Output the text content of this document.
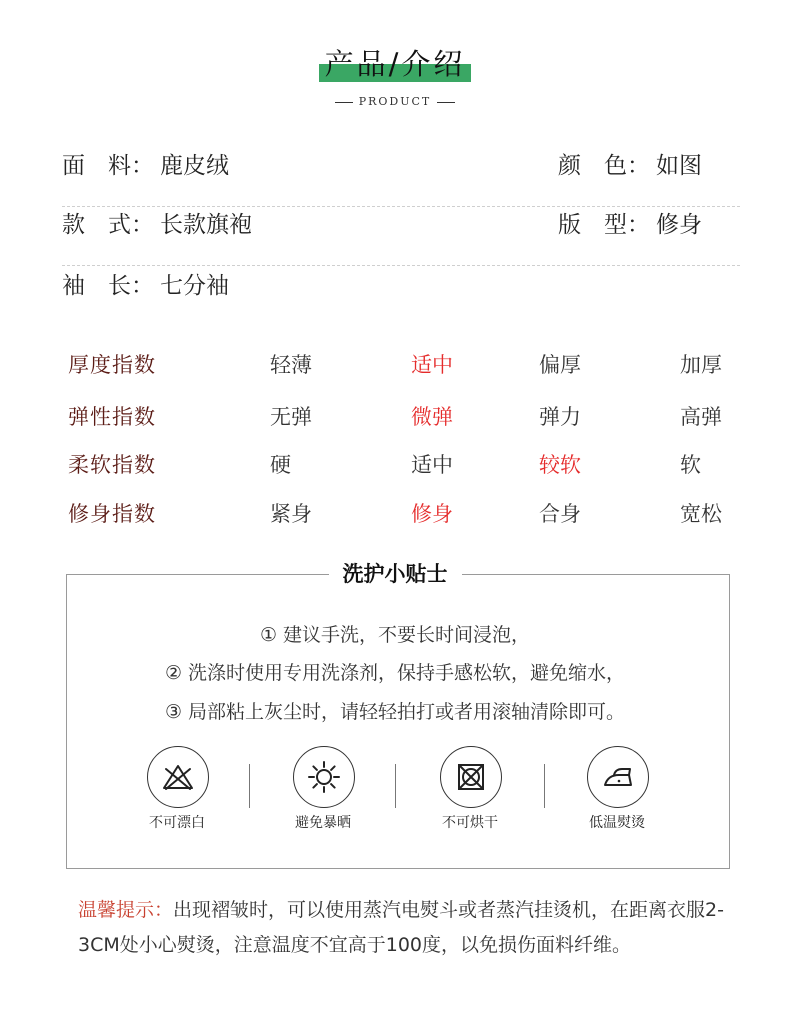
产品/介绍
PRODUCT
面　料： 鹿皮绒	颜　色： 如图
款　式： 长款旗袍	版　型： 修身
袖　长： 七分袖
厚度指数	轻薄	适中	偏厚	加厚
弹性指数	无弹	微弹	弹力	高弹
柔软指数	硬	适中	较软	软
修身指数	紧身	修身	合身	宽松
洗护小贴士
① 建议手洗，不要长时间浸泡，
② 洗涤时使用专用洗涤剂，保持手感松软，避免缩水，
③ 局部粘上灰尘时，请轻轻拍打或者用滚轴清除即可。
不可漂白	避免暴晒	不可烘干	低温熨烫
温馨提示：出现褶皱时，可以使用蒸汽电熨斗或者蒸汽挂烫机，在距离衣服2-3CM处小心熨烫，注意温度不宜高于100度，以免损伤面料纤维。
